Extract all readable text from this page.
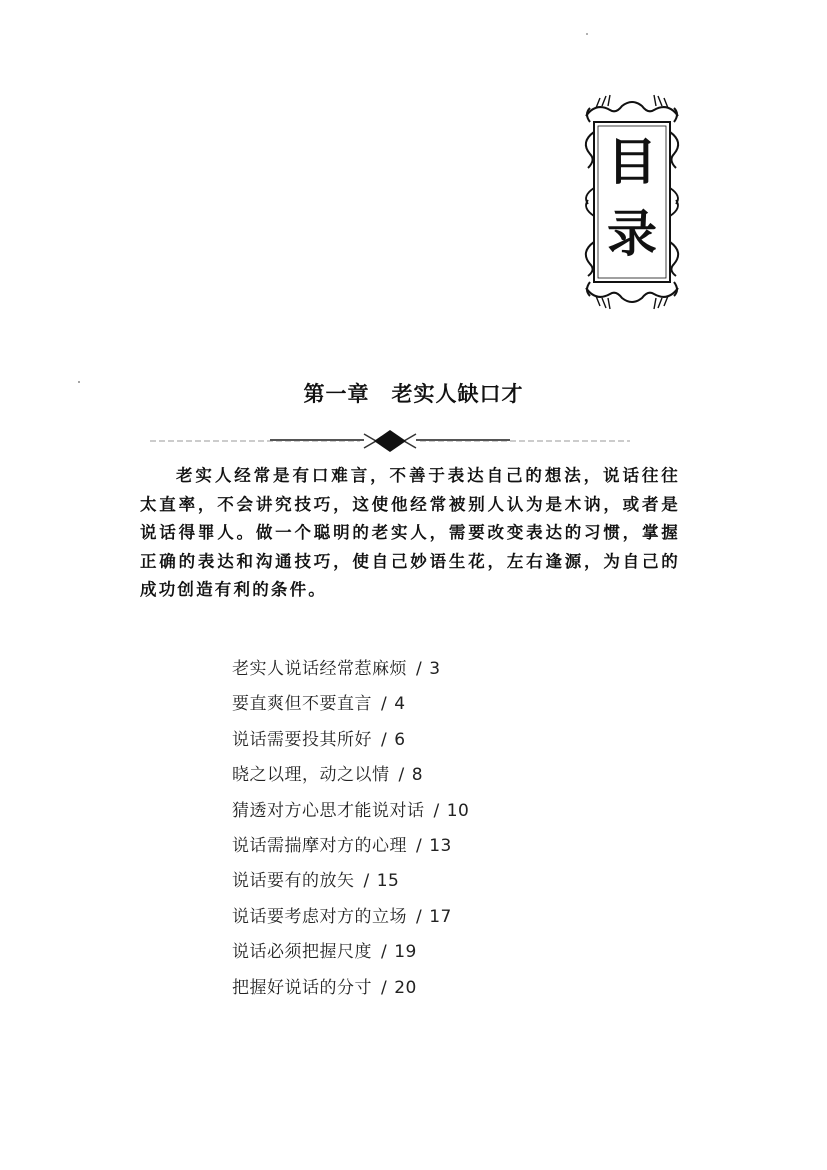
目
录
第一章 老实人缺口才

老实人经常是有口难言，不善于表达自己的想法，说话往往太直率，不会讲究技巧，这使他经常被别人认为是木讷，或者是说话得罪人。做一个聪明的老实人，需要改变表达的习惯，掌握正确的表达和沟通技巧，使自己妙语生花，左右逢源，为自己的成功创造有利的条件。

老实人说话经常惹麻烦 / 3
要直爽但不要直言 / 4
说话需要投其所好 / 6
晓之以理，动之以情 / 8
猜透对方心思才能说对话 / 10
说话需揣摩对方的心理 / 13
说话要有的放矢 / 15
说话要考虑对方的立场 / 17
说话必须把握尺度 / 19
把握好说话的分寸 / 20
